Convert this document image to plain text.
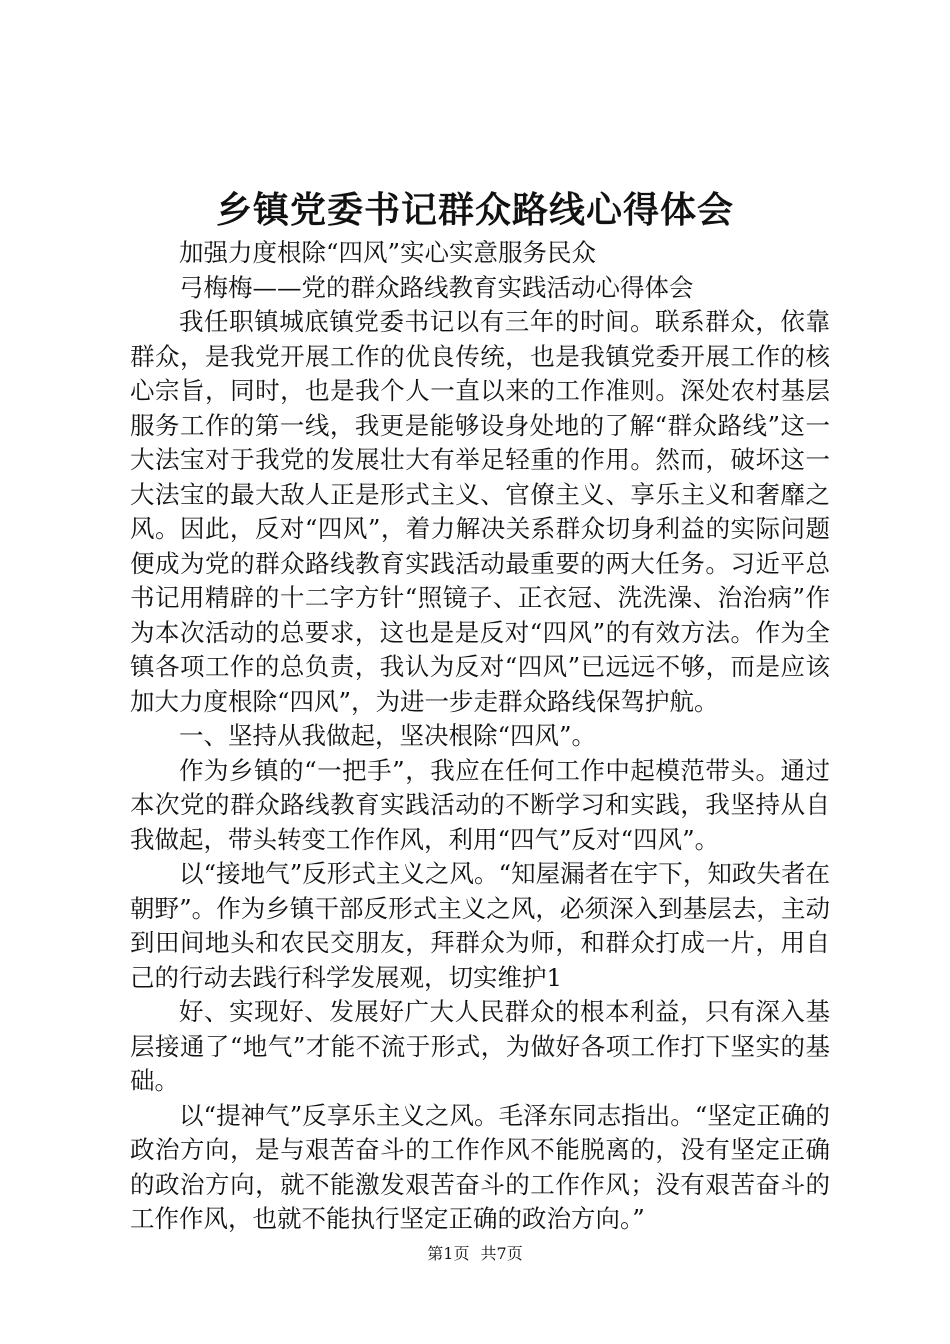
乡镇党委书记群众路线心得体会

加强力度根除“四风”实心实意服务民众

弓梅梅——党的群众路线教育实践活动心得体会

我任职镇城底镇党委书记以有三年的时间。联系群众，依靠群众，是我党开展工作的优良传统，也是我镇党委开展工作的核心宗旨，同时，也是我个人一直以来的工作准则。深处农村基层服务工作的第一线，我更是能够设身处地的了解“群众路线”这一大法宝对于我党的发展壮大有举足轻重的作用。然而，破坏这一大法宝的最大敌人正是形式主义、官僚主义、享乐主义和奢靡之风。因此，反对“四风”，着力解决关系群众切身利益的实际问题便成为党的群众路线教育实践活动最重要的两大任务。习近平总书记用精辟的十二字方针“照镜子、正衣冠、洗洗澡、治治病”作为本次活动的总要求，这也是是反对“四风”的有效方法。作为全镇各项工作的总负责，我认为反对“四风”已远远不够，而是应该加大力度根除“四风”，为进一步走群众路线保驾护航。

一、坚持从我做起，坚决根除“四风”。

作为乡镇的“一把手”，我应在任何工作中起模范带头。通过本次党的群众路线教育实践活动的不断学习和实践，我坚持从自我做起，带头转变工作作风，利用“四气”反对“四风”。

以“接地气”反形式主义之风。“知屋漏者在宇下，知政失者在朝野”。作为乡镇干部反形式主义之风，必须深入到基层去，主动到田间地头和农民交朋友，拜群众为师，和群众打成一片，用自己的行动去践行科学发展观，切实维护1

好、实现好、发展好广大人民群众的根本利益，只有深入基层接通了“地气”才能不流于形式，为做好各项工作打下坚实的基础。

以“提神气”反享乐主义之风。毛泽东同志指出。“坚定正确的政治方向，是与艰苦奋斗的工作作风不能脱离的，没有坚定正确的政治方向，就不能激发艰苦奋斗的工作作风；没有艰苦奋斗的工作作风，也就不能执行坚定正确的政治方向。”

第1页 共7页
